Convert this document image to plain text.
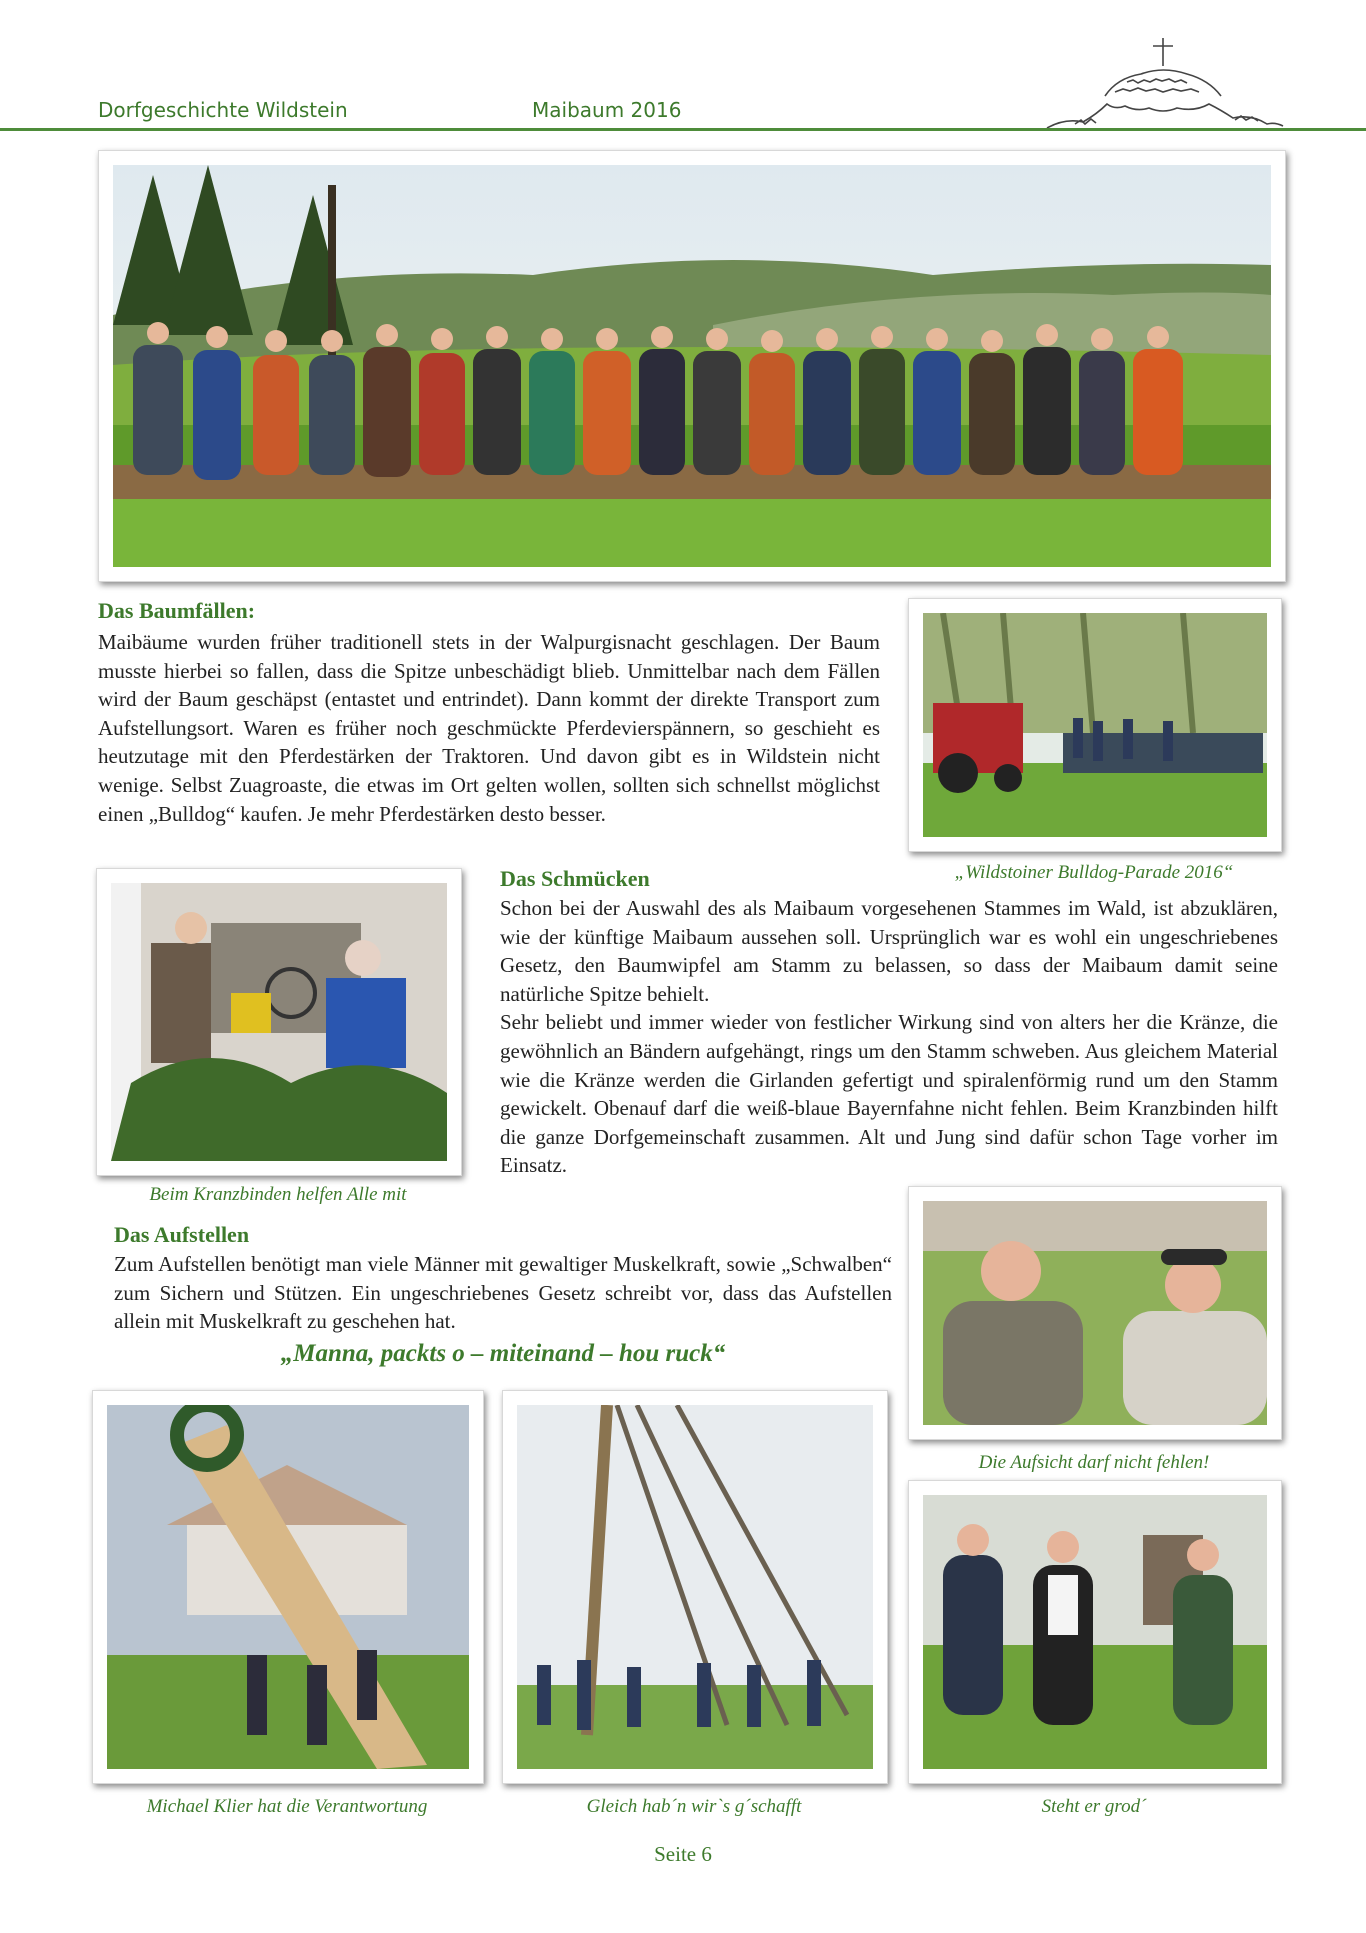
Dorfgeschichte Wildstein	Maibaum 2016
Das Baumfällen:

Maibäume wurden früher traditionell stets in der Walpurgisnacht geschlagen. Der Baum musste hierbei so fallen, dass die Spitze unbeschädigt blieb. Unmittelbar nach dem Fällen wird der Baum geschäpst (entastet und entrindet). Dann kommt der direkte Transport zum Aufstellungsort. Waren es früher noch geschmückte Pferdevierspännern, so geschieht es heutzutage mit den Pferdestärken der Traktoren. Und davon gibt es in Wildstein nicht wenige. Selbst Zuagroaste, die etwas im Ort gelten wollen, sollten sich schnellst möglichst einen „Bulldog“ kaufen. Je mehr Pferdestärken desto besser.

„Wildstoiner Bulldog-Parade 2016“
Beim Kranzbinden helfen Alle mit
Das Schmücken

Schon bei der Auswahl des als Maibaum vorgesehenen Stammes im Wald, ist abzuklären, wie der künftige Maibaum aussehen soll. Ursprünglich war es wohl ein ungeschriebenes Gesetz, den Baumwipfel am Stamm zu belassen, so dass der Maibaum damit seine natürliche Spitze behielt.

Sehr beliebt und immer wieder von festlicher Wirkung sind von alters her die Kränze, die gewöhnlich an Bändern aufgehängt, rings um den Stamm schweben. Aus gleichem Material wie die Kränze werden die Girlanden gefertigt und spiralenförmig rund um den Stamm gewickelt. Obenauf darf die weiß-blaue Bayernfahne nicht fehlen. Beim Kranzbinden hilft die ganze Dorfgemeinschaft zusammen. Alt und Jung sind dafür schon Tage vorher im Einsatz.

Das Aufstellen

Zum Aufstellen benötigt man viele Männer mit gewaltiger Muskelkraft, sowie „Schwalben“ zum Sichern und Stützen. Ein ungeschriebenes Gesetz schreibt vor, dass das Aufstellen allein mit Muskelkraft zu geschehen hat.

„Manna, packts o – miteinand – hou ruck“
Die Aufsicht darf nicht fehlen!
Michael Klier hat die Verantwortung	Gleich hab´n wir`s g´schafft	Steht er grod´
Seite 6
